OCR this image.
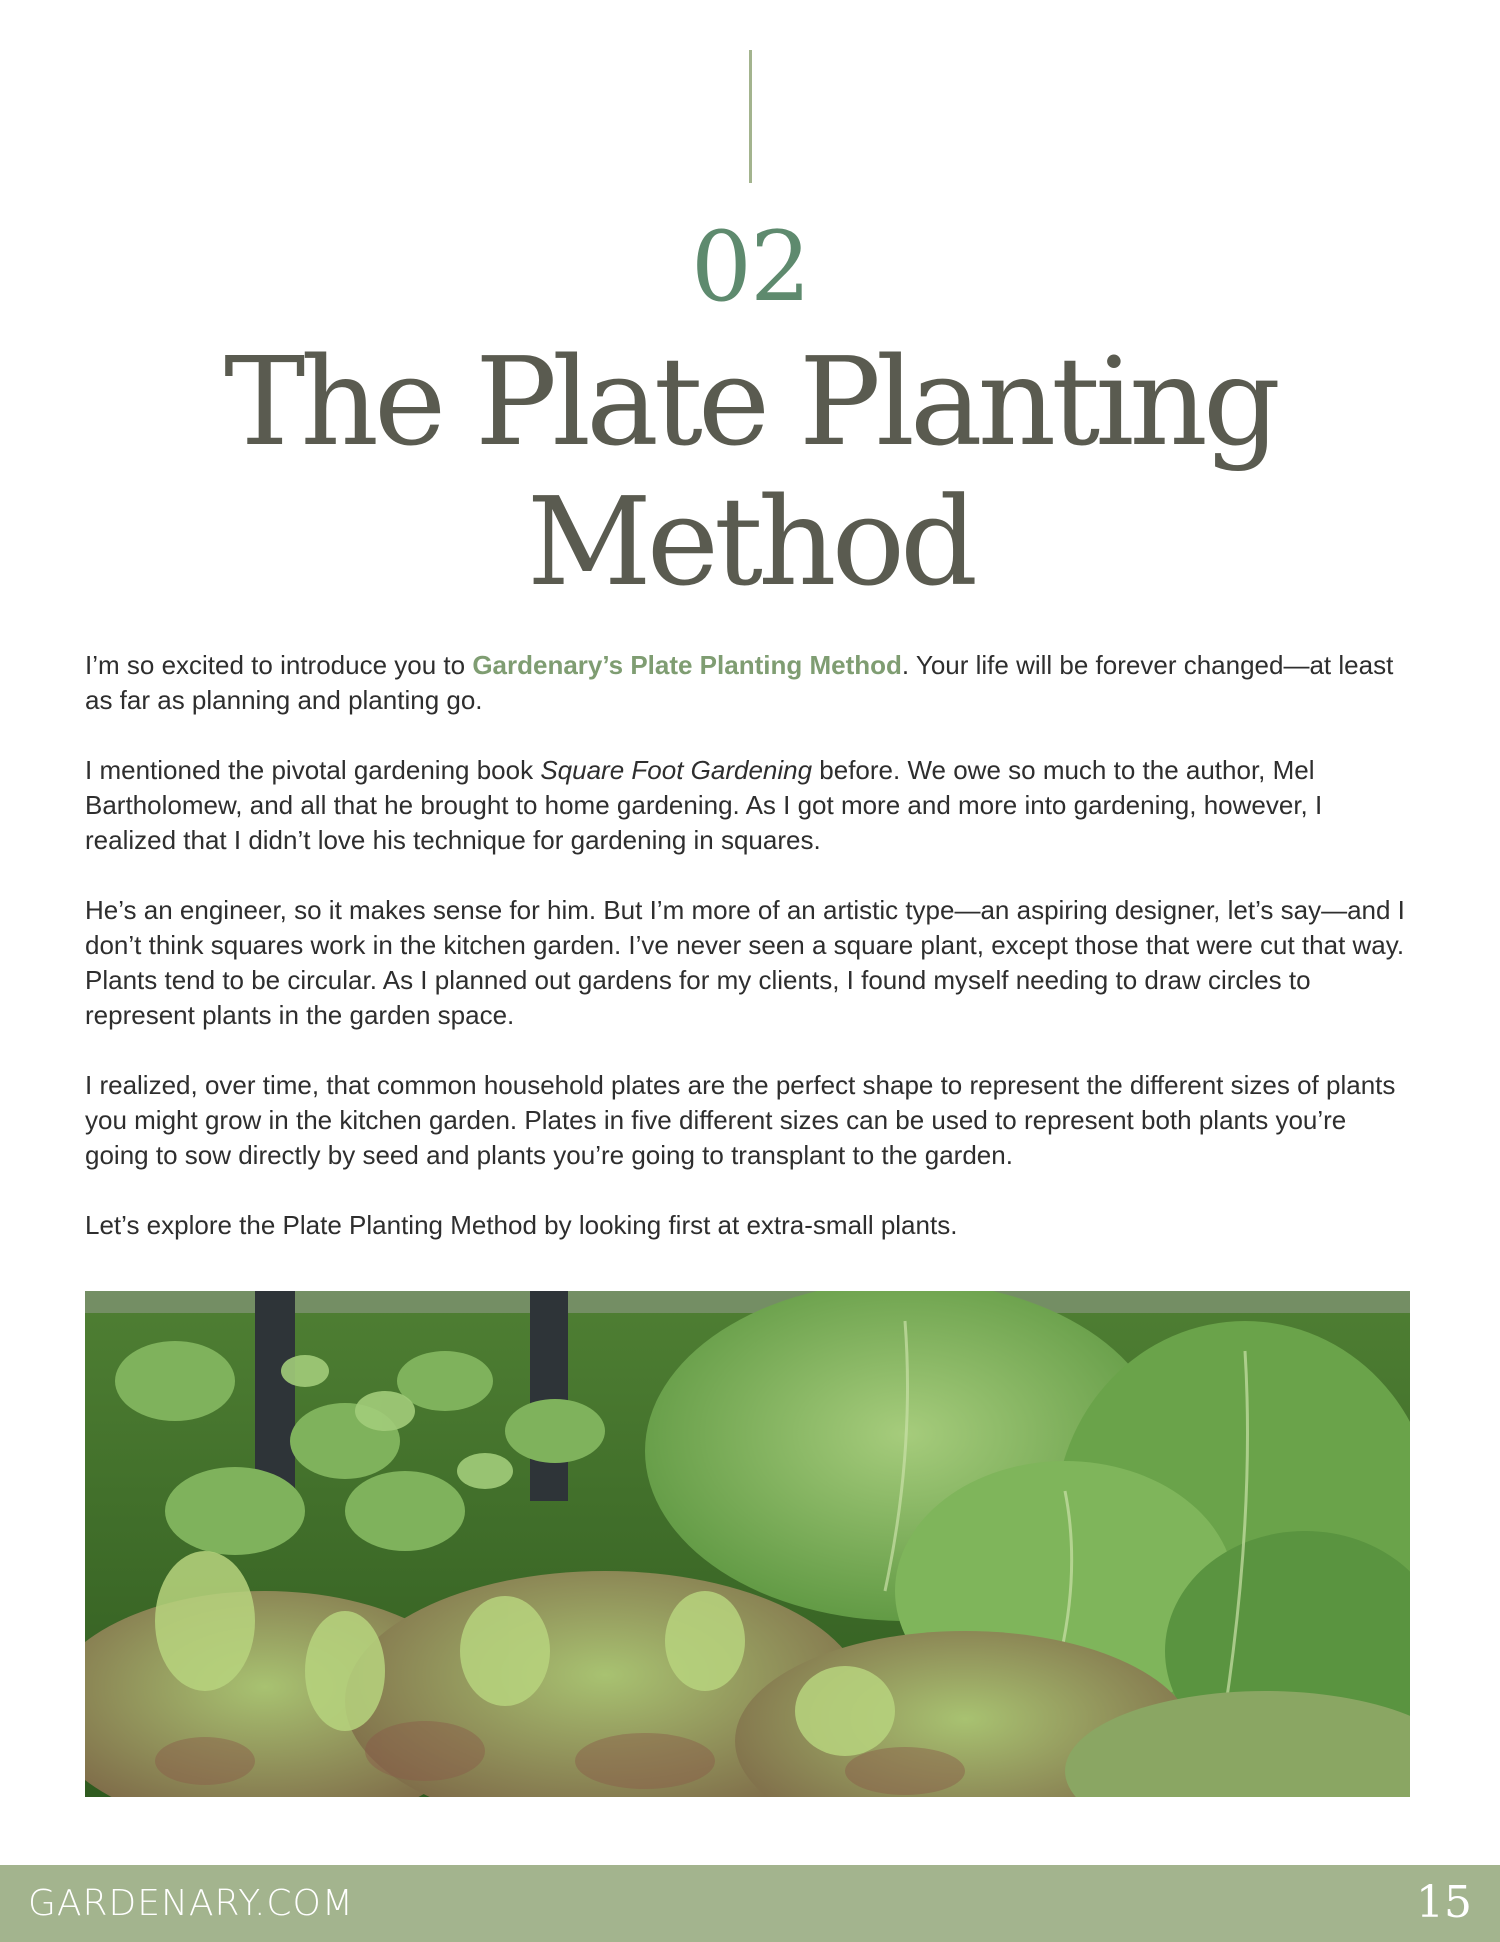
02
The Plate Planting
Method

I’m so excited to introduce you to Gardenary’s Plate Planting Method. Your life will be forever changed—at least as far as planning and planting go.

I mentioned the pivotal gardening book Square Foot Gardening before. We owe so much to the author, Mel Bartholomew, and all that he brought to home gardening. As I got more and more into gardening, however, I realized that I didn’t love his technique for gardening in squares.

He’s an engineer, so it makes sense for him. But I’m more of an artistic type—an aspiring designer, let’s say—and I don’t think squares work in the kitchen garden. I’ve never seen a square plant, except those that were cut that way. Plants tend to be circular. As I planned out gardens for my clients, I found myself needing to draw circles to represent plants in the garden space.

I realized, over time, that common household plates are the perfect shape to represent the different sizes of plants you might grow in the kitchen garden. Plates in five different sizes can be used to represent both plants you’re going to sow directly by seed and plants you’re going to transplant to the garden.

Let’s explore the Plate Planting Method by looking first at extra-small plants.

GARDENARY.COM	15
